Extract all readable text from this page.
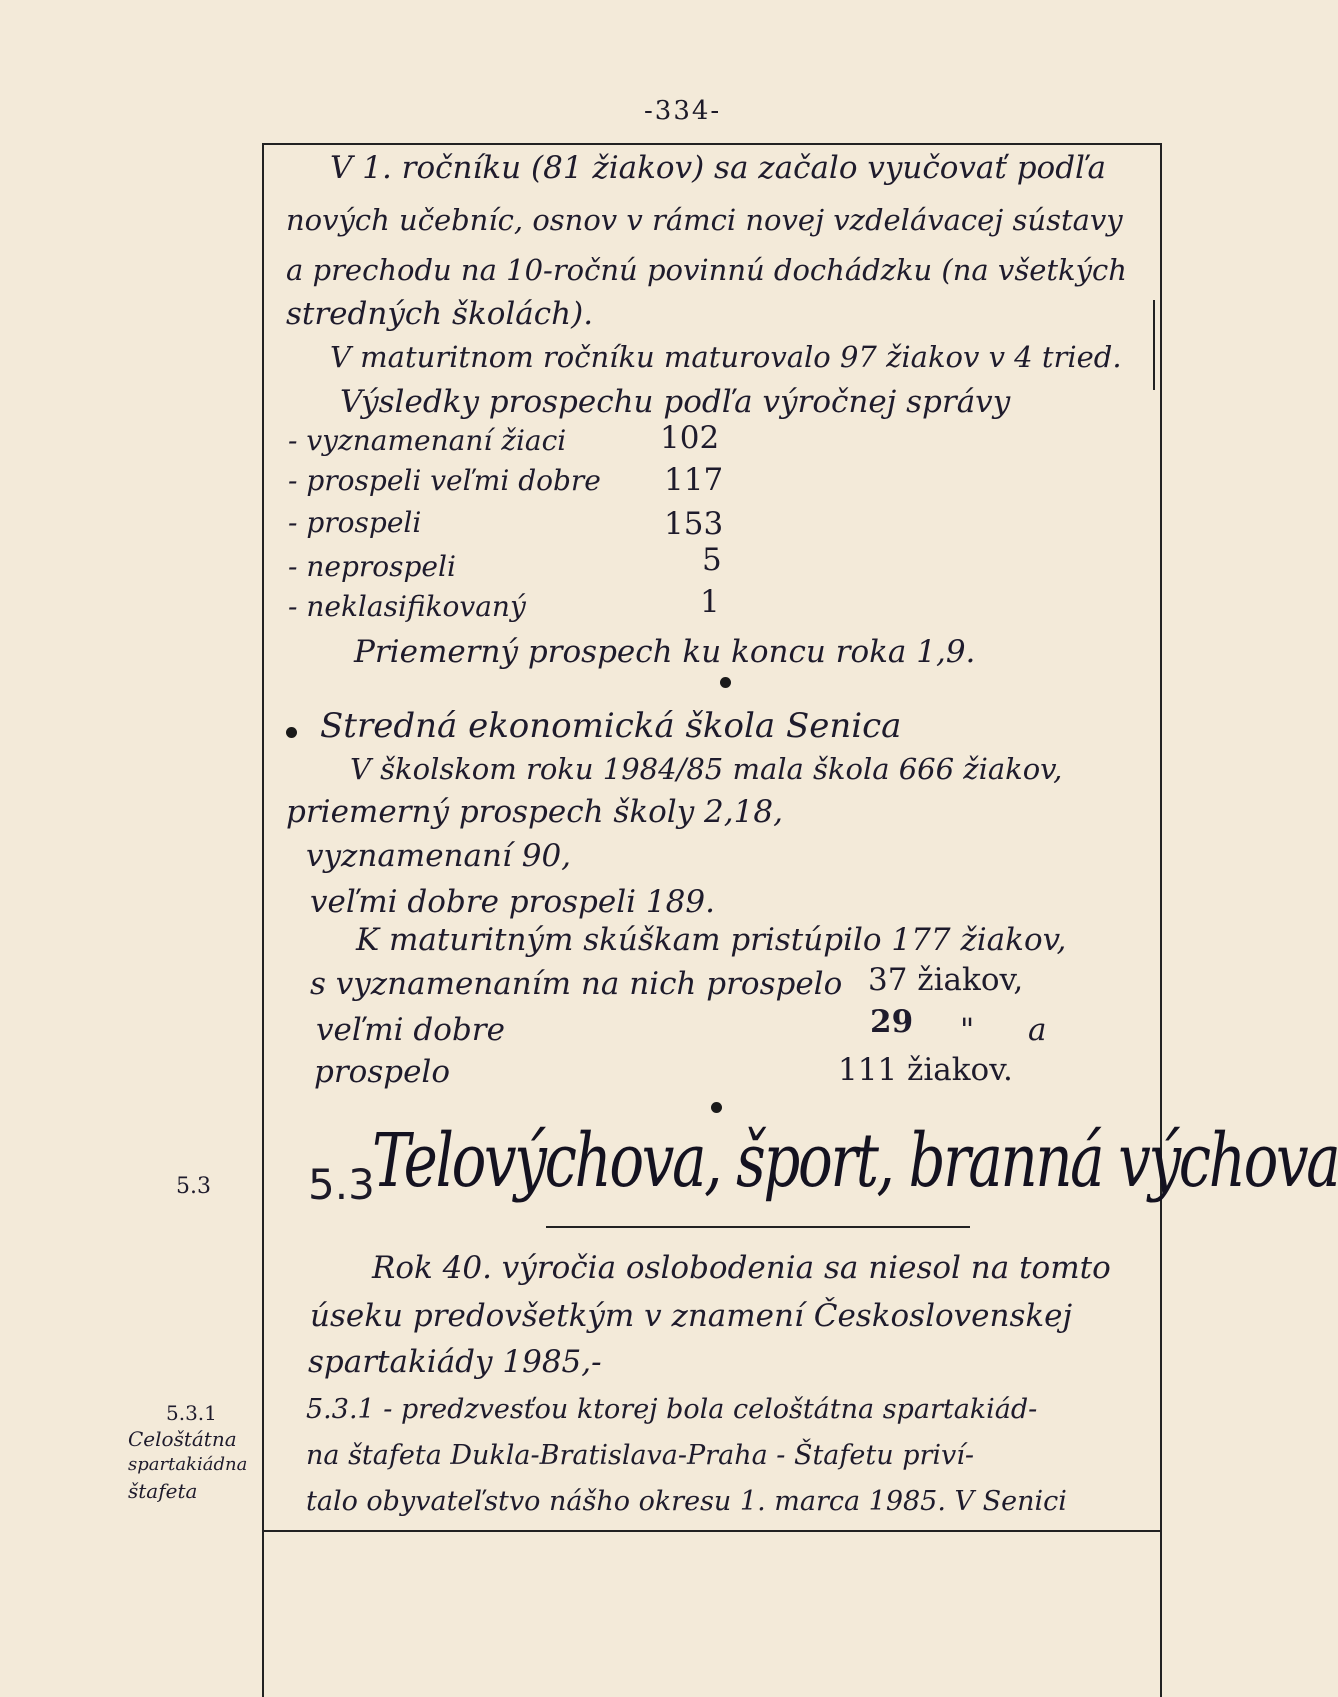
-334-
V 1. ročníku (81 žiakov) sa začalo vyučovať podľa
nových učebníc, osnov v rámci novej vzdelávacej sústavy
a prechodu na 10-ročnú povinnú dochádzku (na všetkých
stredných školách).
V maturitnom ročníku maturovalo 97 žiakov v 4 tried.
Výsledky prospechu podľa výročnej správy
- vyznamenaní žiaci	102
- prospeli veľmi dobre 117
- prospeli	153
- neprospeli	5
- neklasifikovaný	1
Priemerný prospech ku koncu roka 1,9.
Stredná ekonomická škola Senica
V školskom roku 1984/85 mala škola 666 žiakov,
priemerný prospech školy 2,18,
vyznamenaní 90,
veľmi dobre prospeli 189.
K maturitným skúškam pristúpilo 177 žiakov,
s vyznamenaním na nich prospelo 37 žiakov,
veľmi dobre	29 " a
prospelo	111 žiakov.
5.3 5.3
Telovýchova, šport, branná výchova
Rok 40. výročia oslobodenia sa niesol na tomto
úseku predovšetkým v znamení Československej
spartakiády 1985,-
5.3.1
Celoštátna
spartakiádna
štafeta
5.3.1 - predzvesťou ktorej bola celoštátna spartakiád-
na štafeta Dukla-Bratislava-Praha - Štafetu priví-
talo obyvateľstvo nášho okresu 1. marca 1985. V Senici
